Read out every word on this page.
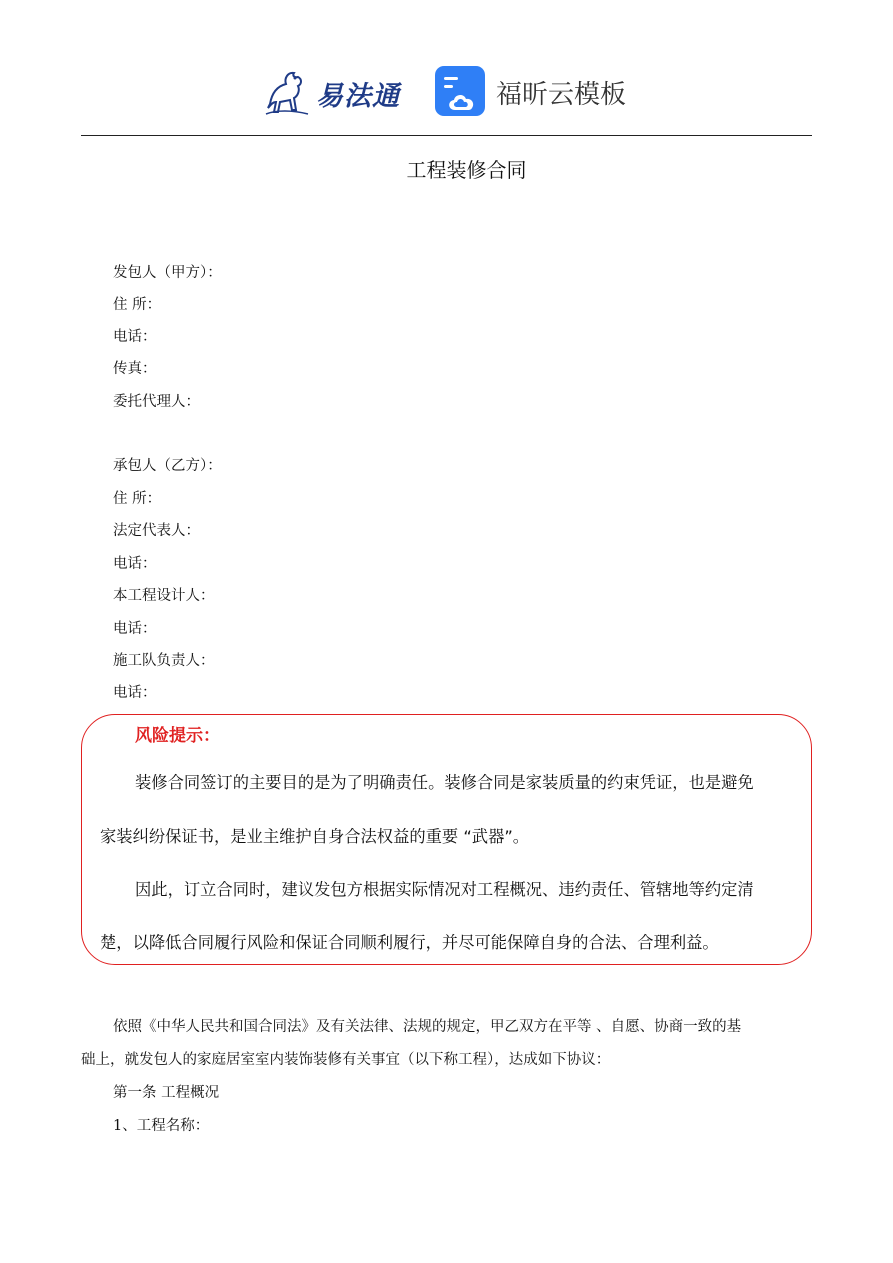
易法通	福昕云模板
工程装修合同
发包人（甲方）：
住 所：
电话：
传真：
委托代理人：
承包人（乙方）：
住 所：
法定代表人：
电话：
本工程设计人：
电话：
施工队负责人：
电话：
风险提示：
装修合同签订的主要目的是为了明确责任。装修合同是家装质量的约束凭证，也是避免
家装纠纷保证书，是业主维护自身合法权益的重要 “武器”。
因此，订立合同时，建议发包方根据实际情况对工程概况、违约责任、管辖地等约定清
楚，以降低合同履行风险和保证合同顺利履行，并尽可能保障自身的合法、合理利益。
依照《中华人民共和国合同法》及有关法律、法规的规定，甲乙双方在平等 、自愿、协商一致的基
础上，就发包人的家庭居室室内装饰装修有关事宜（以下称工程），达成如下协议：
第一条 工程概况
1、工程名称：
